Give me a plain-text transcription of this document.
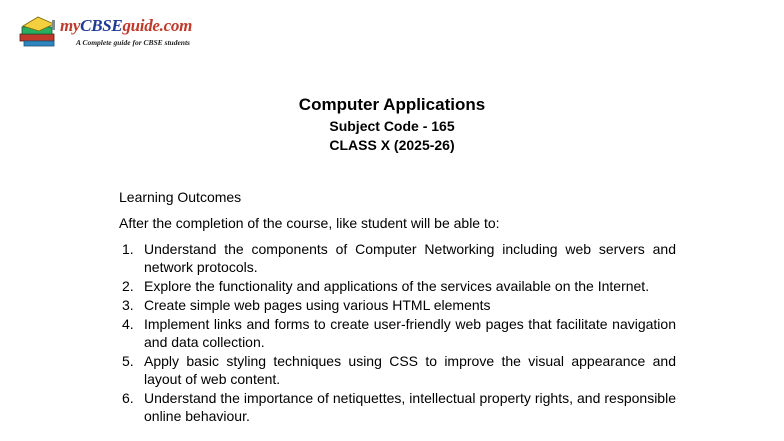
myCBSEguide.com
A Complete guide for CBSE students
Computer Applications
Subject Code - 165
CLASS X (2025-26)

Learning Outcomes

After the completion of the course, like student will be able to:

1. Understand the components of Computer Networking including web servers and network protocols.
2. Explore the functionality and applications of the services available on the Internet.
3. Create simple web pages using various HTML elements
4. Implement links and forms to create user-friendly web pages that facilitate navigation and data collection.
5. Apply basic styling techniques using CSS to improve the visual appearance and layout of web content.
6. Understand the importance of netiquettes, intellectual property rights, and responsible online behaviour.
